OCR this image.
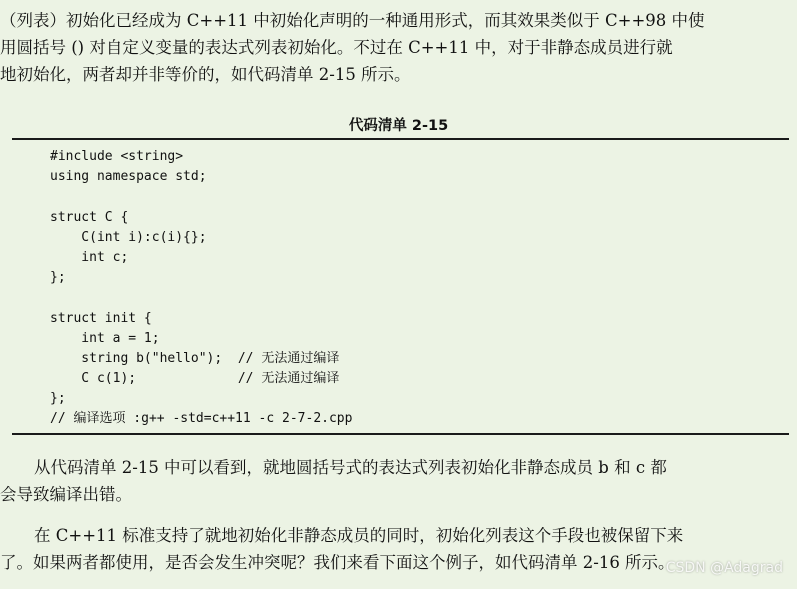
（列表）初始化已经成为 C++11 中初始化声明的一种通用形式，而其效果类似于 C++98 中使
用圆括号 () 对自定义变量的表达式列表初始化。不过在 C++11 中，对于非静态成员进行就
地初始化，两者却并非等价的，如代码清单 2-15 所示。
代码清单 2-15
#include <string>
using namespace std;
struct C {
C(int i):c(i){};
int c;
};
struct init {
int a = 1;
string b("hello");  // 无法通过编译
C c(1);             // 无法通过编译
};
// 编译选项 :g++ -std=c++11 -c 2-7-2.cpp
从代码清单 2-15 中可以看到，就地圆括号式的表达式列表初始化非静态成员 b 和 c 都
会导致编译出错。
在 C++11 标准支持了就地初始化非静态成员的同时，初始化列表这个手段也被保留下来
了。如果两者都使用，是否会发生冲突呢？我们来看下面这个例子，如代码清单 2-16 所示。
CSDN @Adagrad
